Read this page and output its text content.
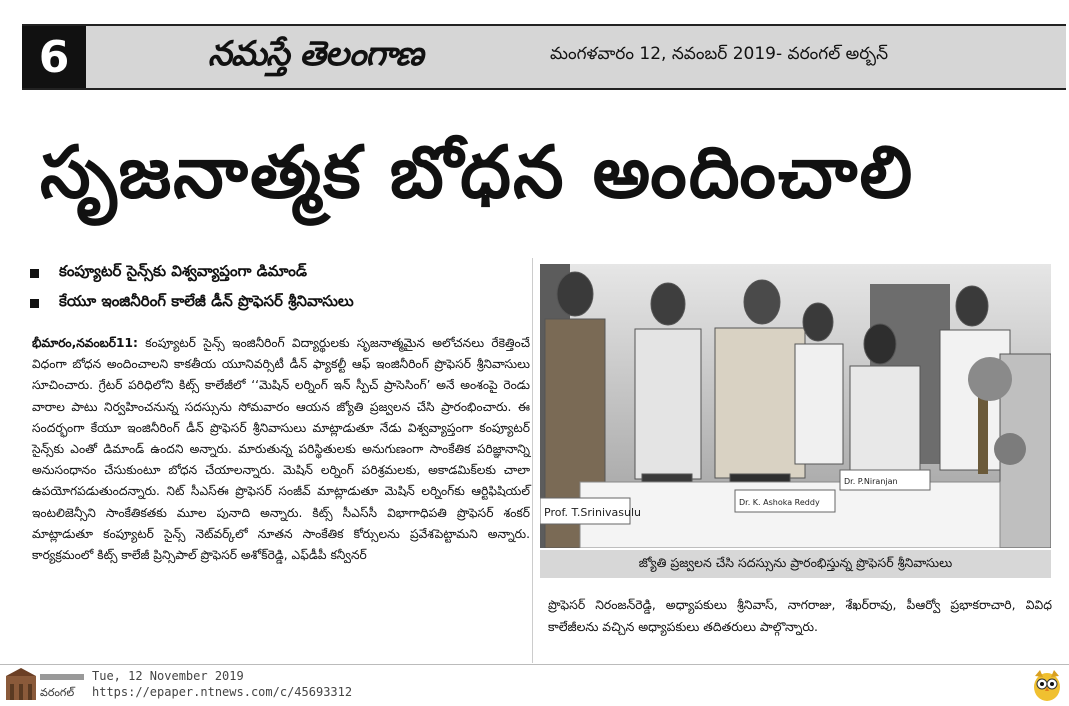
6	నమస్తే తెలంగాణ	మంగళవారం 12, నవంబర్ 2019- వరంగల్ అర్బన్
సృజనాత్మక బోధన అందించాలి
కంప్యూటర్ సైన్స్‌కు విశ్వవ్యాప్తంగా డిమాండ్
కేయూ ఇంజినీరింగ్ కాలేజీ డీన్ ప్రొఫెసర్ శ్రీనివాసులు

భీమారం,నవంబర్11: కంప్యూటర్ సైన్స్ ఇంజినీరింగ్ విద్యార్థులకు సృజనాత్మమైన అలోచనలు రేకెత్తించే విధంగా బోధన అందించాలని కాకతీయ యూనివర్సిటీ డీన్ ఫ్యాకల్టీ ఆఫ్ ఇంజినీరింగ్ ప్రొఫెసర్ శ్రీనివాసులు సూచించారు. గ్రేటర్ పరిధిలోని కిట్స్ కాలేజీలో ‘‘మెషిన్ లర్నింగ్ ఇన్ స్పీచ్ ప్రాసెసింగ్’ అనే అంశంపై రెండు వారాల పాటు నిర్వహించనున్న సదస్సును సోమవారం ఆయన జ్యోతి ప్రజ్వలన చేసి ప్రారంభించారు. ఈ సందర్భంగా కేయూ ఇంజినీరింగ్ డీన్ ప్రొఫెసర్ శ్రీనివాసులు మాట్లాడుతూ నేడు విశ్వవ్యాప్తంగా కంప్యూటర్ సైన్స్‌కు ఎంతో డిమాండ్ ఉందని అన్నారు. మారుతున్న పరిస్థితులకు అనుగుణంగా సాంకేతిక పరిజ్ఞానాన్ని అనుసంధానం చేసుకుంటూ బోధన చేయాలన్నారు. మెషిన్ లర్నింగ్ పరిశ్రమలకు, అకాడమిక్‌లకు చాలా ఉపయోగపడుతుందన్నారు. నిట్ సీఎస్‌ఈ ప్రొఫెసర్ సంజీవ్ మాట్లాడుతూ మెషిన్ లర్నింగ్‌కు ఆర్టిఫిషియల్ ఇంటలిజెన్సీని సాంకేతికతకు మూల పునాది అన్నారు. కిట్స్ సీఎస్‌సీ విభాగాధిపతి ప్రొఫెసర్ శంకర్ మాట్లాడుతూ కంప్యూటర్ సైన్స్ నెట్‌వర్క్‌లో నూతన సాంకేతిక కోర్సులను ప్రవేశపెట్టామని అన్నారు. కార్యక్రమంలో కిట్స్ కాలేజీ ప్రిన్సిపాల్ ప్రొఫెసర్ అశోక్‌రెడ్డి, ఎఫ్‌డీపీ కన్వీనర్

Prof. T.Srinivasulu
Dr. K. Ashoka Reddy
Dr. P.Niranjan
జ్యోతి ప్రజ్వలన చేసి సదస్సును ప్రారంభిస్తున్న ప్రొఫెసర్ శ్రీనివాసులు
ప్రొఫెసర్ నిరంజన్‌రెడ్డి, అధ్యాపకులు శ్రీనివాస్, నాగరాజు, శేఖర్‌రావు, పీఆర్వో ప్రభాకరాచారి, వివిధ కాలేజీలను వచ్చిన అధ్యాపకులు తదితరులు పాల్గొన్నారు.
వరంగల్
Tue, 12 November 2019
https://epaper.ntnews.com/c/45693312
